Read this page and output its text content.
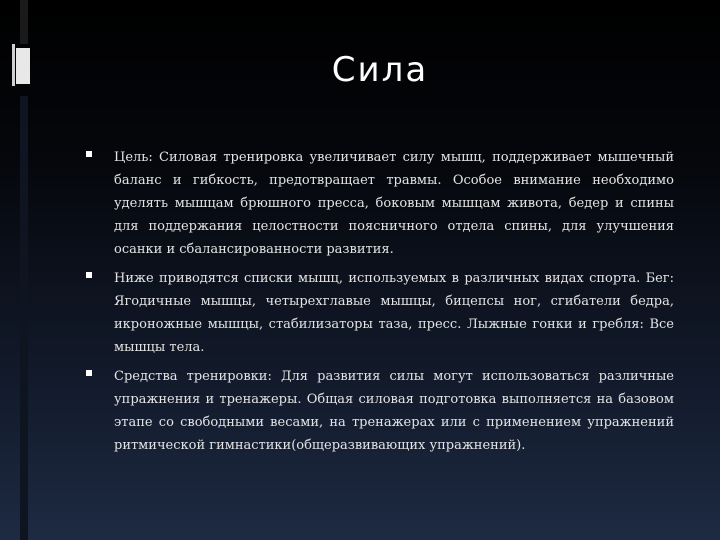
Сила
Цель: Силовая тренировка увеличивает силу мышц, поддерживает мышечный баланс и гибкость, предотвращает травмы. Особое внимание необходимо уделять мышцам брюшного пресса, боковым мышцам живота, бедер и спины для поддержания целостности поясничного отдела спины, для улучшения осанки и сбалансированности развития.
Ниже приводятся списки мышц, используемых в различных видах спорта. Бег: Ягодичные мышцы, четырехглавые мышцы, бицепсы ног, сгибатели бедра, икроножные мышцы, стабилизаторы таза, пресс. Лыжные гонки и гребля: Все мышцы тела.
Средства тренировки: Для развития силы могут использоваться различные упражнения и тренажеры. Общая силовая подготовка выполняется на базовом этапе со свободными весами, на тренажерах или с применением упражнений ритмической гимнастики(общеразвивающих упражнений).
